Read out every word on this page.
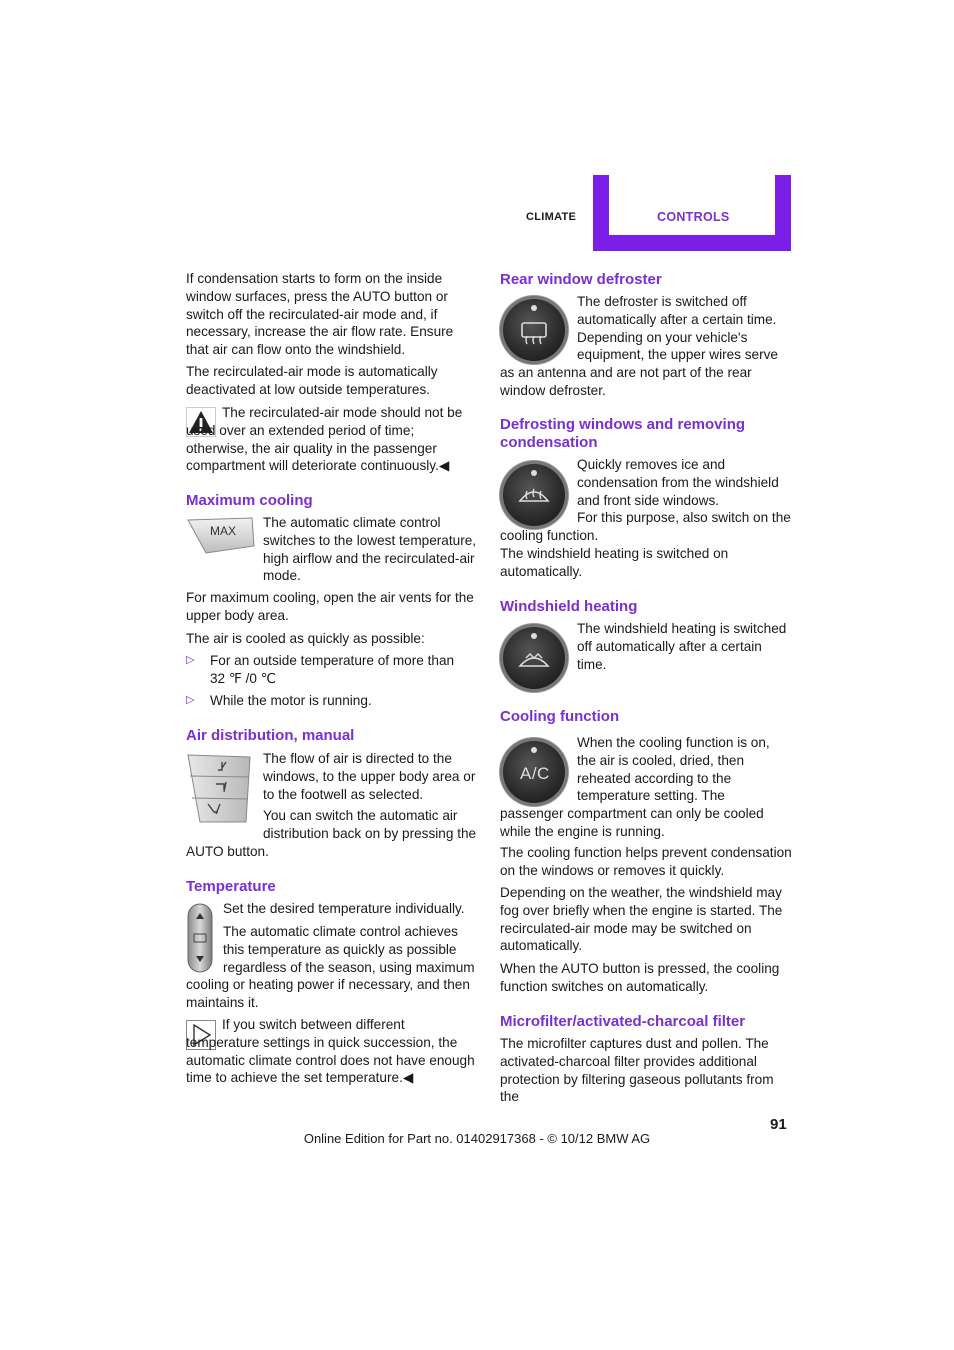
CLIMATE	CONTROLS

If condensation starts to form on the inside window surfaces, press the AUTO button or switch off the recirculated-air mode and, if necessary, increase the air flow rate. Ensure that air can flow onto the windshield.

The recirculated-air mode is automatically deactivated at low outside temperatures.

The recirculated-air mode should not be used over an extended period of time; otherwise, the air quality in the passenger compartment will deteriorate continuously.◀

Maximum cooling

MAX

The automatic climate control switches to the lowest temperature, high airflow and the recirculated-air mode.

For maximum cooling, open the air vents for the upper body area.

The air is cooled as quickly as possible:

▷	For an outside temperature of more than 32 ℉ /0 ℃
▷	While the motor is running.

Air distribution, manual

The flow of air is directed to the windows, to the upper body area or to the footwell as selected.

You can switch the automatic air distribution back on by pressing the AUTO button.

Temperature

Set the desired temperature individually.

The automatic climate control achieves this temperature as quickly as possible regardless of the season, using maximum cooling or heating power if necessary, and then maintains it.

If you switch between different temperature settings in quick succession, the automatic climate control does not have enough time to achieve the set temperature.◀

Rear window defroster

The defroster is switched off automatically after a certain time. Depending on your vehicle's equipment, the upper wires serve as an antenna and are not part of the rear window defroster.

Defrosting windows and removing
condensation

Quickly removes ice and condensation from the windshield and front side windows.
For this purpose, also switch on the cooling function.
The windshield heating is switched on automatically.

Windshield heating

The windshield heating is switched off automatically after a certain time.

Cooling function

A/C

When the cooling function is on, the air is cooled, dried, then reheated according to the temperature setting. The passenger compartment can only be cooled while the engine is running.

The cooling function helps prevent condensation on the windows or removes it quickly.

Depending on the weather, the windshield may fog over briefly when the engine is started. The recirculated-air mode may be switched on automatically.

When the AUTO button is pressed, the cooling function switches on automatically.

Microfilter/activated-charcoal filter

The microfilter captures dust and pollen. The activated-charcoal filter provides additional protection by filtering gaseous pollutants from the

91
Online Edition for Part no. 01402917368 - © 10/12 BMW AG
